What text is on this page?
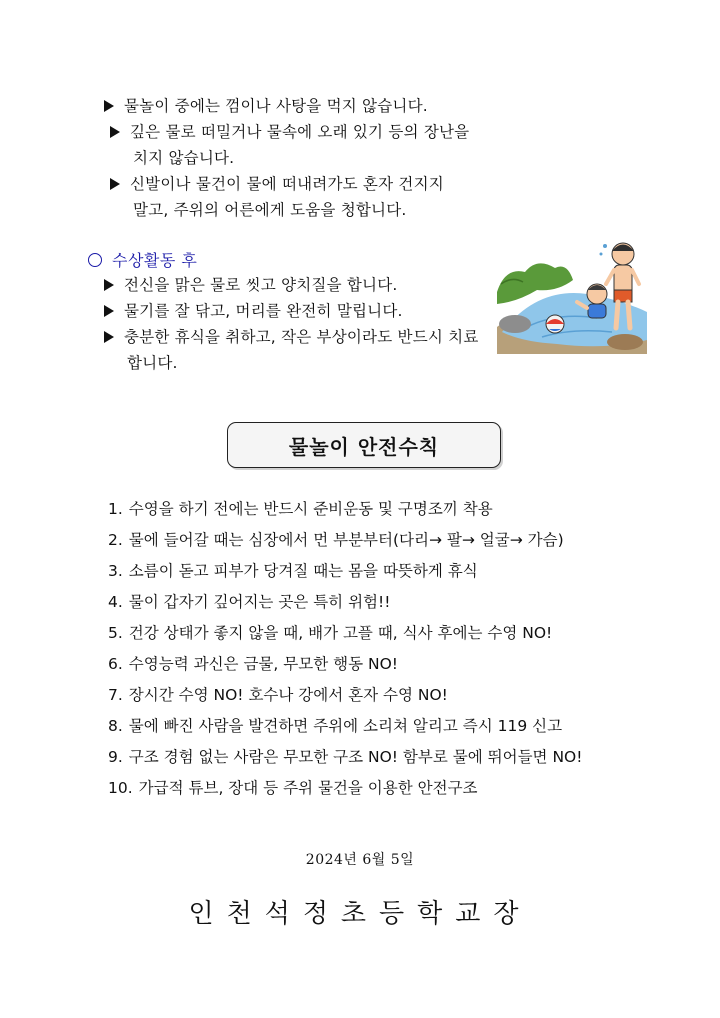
물놀이 중에는 껌이나 사탕을 먹지 않습니다.
깊은 물로 떠밀거나 물속에 오래 있기 등의 장난을
치지 않습니다.
신발이나 물건이 물에 떠내려가도 혼자 건지지
말고, 주위의 어른에게 도움을 청합니다.
수상활동 후
전신을 맑은 물로 씻고 양치질을 합니다.
물기를 잘 닦고, 머리를 완전히 말립니다.
충분한 휴식을 취하고, 작은 부상이라도 반드시 치료
합니다.
물놀이 안전수칙
1. 수영을 하기 전에는 반드시 준비운동 및 구명조끼 착용
2. 물에 들어갈 때는 심장에서 먼 부분부터(다리→ 팔→ 얼굴→ 가슴)
3. 소름이 돋고 피부가 당겨질 때는 몸을 따뜻하게 휴식
4. 물이 갑자기 깊어지는 곳은 특히 위험!!
5. 건강 상태가 좋지 않을 때, 배가 고플 때, 식사 후에는 수영 NO!
6. 수영능력 과신은 금물, 무모한 행동 NO!
7. 장시간 수영 NO! 호수나 강에서 혼자 수영 NO!
8. 물에 빠진 사람을 발견하면 주위에 소리쳐 알리고 즉시 119 신고
9. 구조 경험 없는 사람은 무모한 구조 NO! 함부로 물에 뛰어들면 NO!
10. 가급적 튜브, 장대 등 주위 물건을 이용한 안전구조
2024년 6월 5일
인천석정초등학교장
